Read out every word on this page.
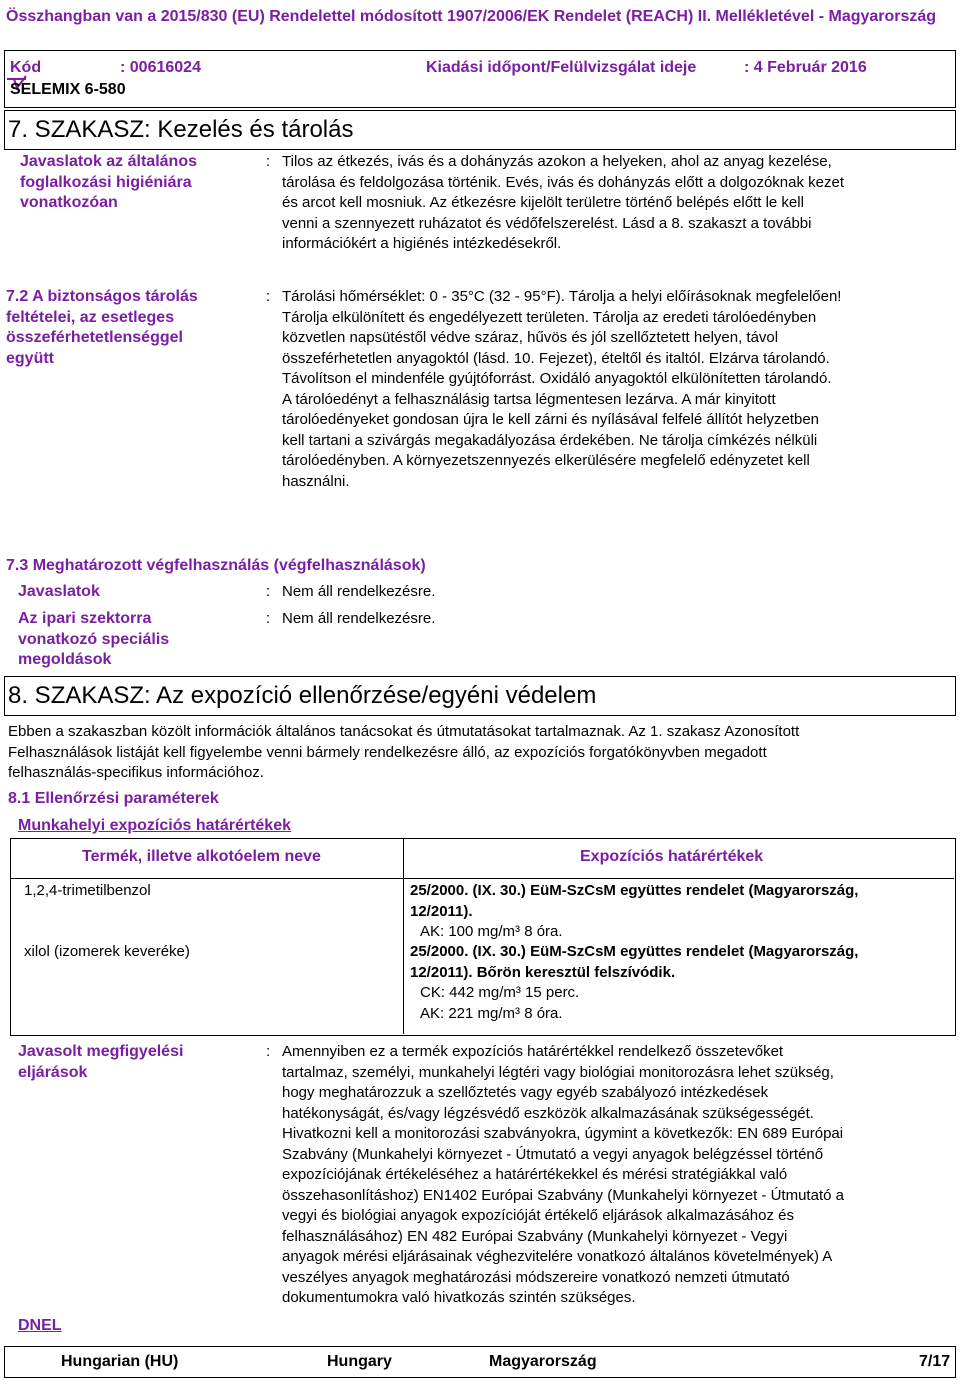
Összhangban van a 2015/830 (EU) Rendelettel módosított 1907/2006/EK Rendelet (REACH) II. Mellékletével - Magyarország
Kód	: 00616024	Kiadási időpont/Felülvizsgálat ideje	: 4 Február 2016
SELEMIX 6-580
7. SZAKASZ: Kezelés és tárolás
Javaslatok az általános
foglalkozási higiéniára
vonatkozóan
: Tilos az étkezés, ivás és a dohányzás azokon a helyeken, ahol az anyag kezelése,
tárolása és feldolgozása történik. Evés, ivás és dohányzás előtt a dolgozóknak kezet
és arcot kell mosniuk. Az étkezésre kijelölt területre történő belépés előtt le kell
venni a szennyezett ruházatot és védőfelszerelést. Lásd a 8. szakaszt a további
információkért a higiénés intézkedésekről.
7.2 A biztonságos tárolás
feltételei, az esetleges
összeférhetetlenséggel
együtt
: Tárolási hőmérséklet: 0 - 35°C (32 - 95°F). Tárolja a helyi előírásoknak megfelelően!
Tárolja elkülönített és engedélyezett területen. Tárolja az eredeti tárolóedényben
közvetlen napsütéstől védve száraz, hűvös és jól szellőztetett helyen, távol
összeférhetetlen anyagoktól (lásd. 10. Fejezet), ételtől és italtól. Elzárva tárolandó.
Távolítson el mindenféle gyújtóforrást. Oxidáló anyagoktól elkülönítetten tárolandó.
A tárolóedényt a felhasználásig tartsa légmentesen lezárva. A már kinyitott
tárolóedényeket gondosan újra le kell zárni és nyílásával felfelé állítót helyzetben
kell tartani a szivárgás megakadályozása érdekében. Ne tárolja címkézés nélküli
tárolóedényben. A környezetszennyezés elkerülésére megfelelő edényzetet kell
használni.
7.3 Meghatározott végfelhasználás (végfelhasználások)
Javaslatok	: Nem áll rendelkezésre.
Az ipari szektorra
vonatkozó speciális
megoldások
: Nem áll rendelkezésre.
8. SZAKASZ: Az expozíció ellenőrzése/egyéni védelem
Ebben a szakaszban közölt információk általános tanácsokat és útmutatásokat tartalmaznak. Az 1. szakasz Azonosított
Felhasználások listáját kell figyelembe venni bármely rendelkezésre álló, az expozíciós forgatókönyvben megadott
felhasználás-specifikus információhoz.
8.1 Ellenőrzési paraméterek
Munkahelyi expozíciós határértékek
Termék, illetve alkotóelem neve	Expozíciós határértékek
1,2,4-trimetilbenzol	25/2000. (IX. 30.) EüM-SzCsM együttes rendelet (Magyarország,
12/2011).
AK: 100 mg/m³ 8 óra.
xilol (izomerek keveréke)	25/2000. (IX. 30.) EüM-SzCsM együttes rendelet (Magyarország,
12/2011). Bőrön keresztül felszívódik.
CK: 442 mg/m³ 15 perc.
AK: 221 mg/m³ 8 óra.
Javasolt megfigyelési
eljárások
: Amennyiben ez a termék expozíciós határértékkel rendelkező összetevőket
tartalmaz, személyi, munkahelyi légtéri vagy biológiai monitorozásra lehet szükség,
hogy meghatározzuk a szellőztetés vagy egyéb szabályozó intézkedések
hatékonyságát, és/vagy légzésvédő eszközök alkalmazásának szükségességét.
Hivatkozni kell a monitorozási szabványokra, úgymint a következők: EN 689 Európai
Szabvány (Munkahelyi környezet - Útmutató a vegyi anyagok belégzéssel történő
expozíciójának értékeléséhez a határértékekkel és mérési stratégiákkal való
összehasonlításhoz) EN1402 Európai Szabvány (Munkahelyi környezet - Útmutató a
vegyi és biológiai anyagok expozícióját értékelő eljárások alkalmazásához és
felhasználásához) EN 482 Európai Szabvány (Munkahelyi környezet - Vegyi
anyagok mérési eljárásainak véghezvitelére vonatkozó általános követelmények) A
veszélyes anyagok meghatározási módszereire vonatkozó nemzeti útmutató
dokumentumokra való hivatkozás szintén szükséges.
DNEL
Hungarian (HU)	Hungary	Magyarország	7/17
